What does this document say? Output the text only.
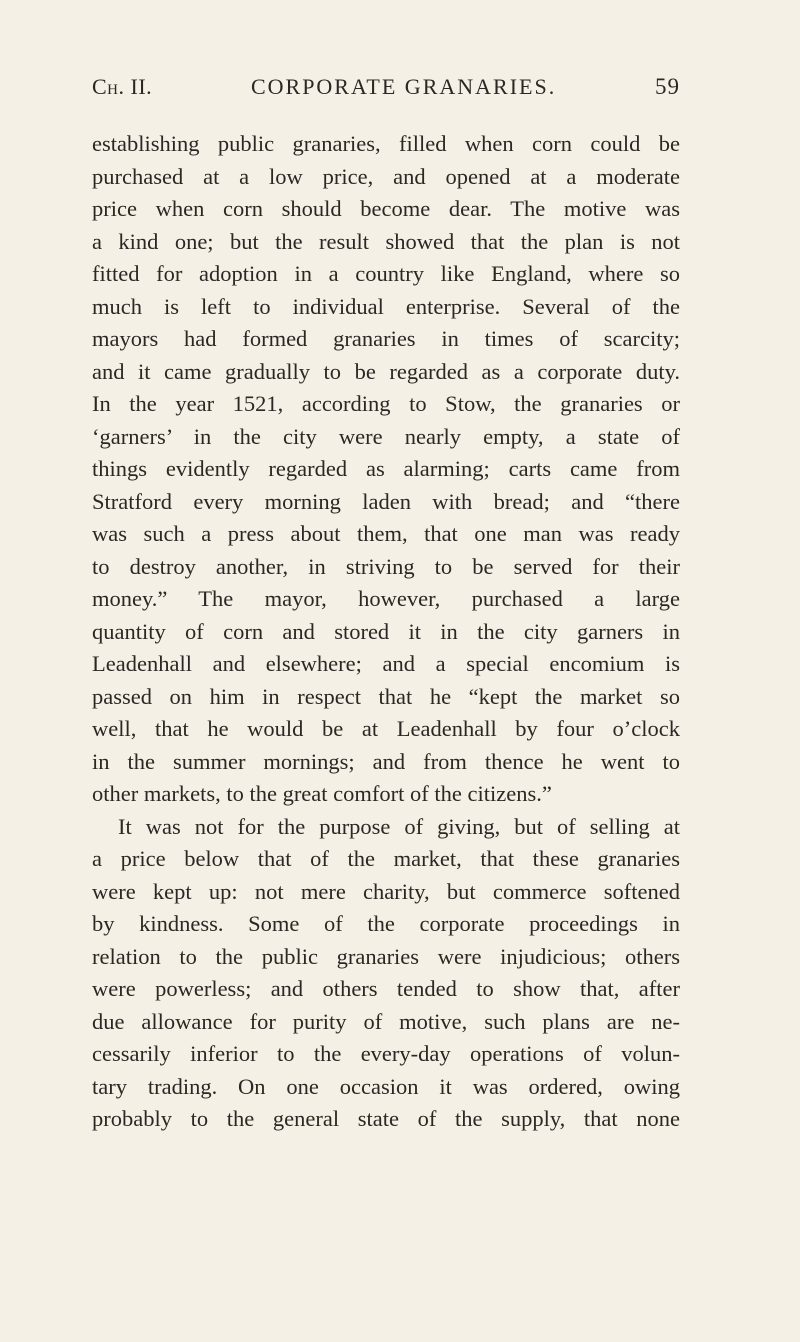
Ch. II.	CORPORATE GRANARIES.	59
establishing public granaries, filled when corn could be
purchased at a low price, and opened at a moderate
price when corn should become dear. The motive was
a kind one; but the result showed that the plan is not
fitted for adoption in a country like England, where so
much is left to individual enterprise. Several of the
mayors had formed granaries in times of scarcity;
and it came gradually to be regarded as a corporate duty.
In the year 1521, according to Stow, the granaries or
‘garners’ in the city were nearly empty, a state of
things evidently regarded as alarming; carts came from
Stratford every morning laden with bread; and “there
was such a press about them, that one man was ready
to destroy another, in striving to be served for their
money.” The mayor, however, purchased a large
quantity of corn and stored it in the city garners in
Leadenhall and elsewhere; and a special encomium is
passed on him in respect that he “kept the market so
well, that he would be at Leadenhall by four o’clock
in the summer mornings; and from thence he went to
other markets, to the great comfort of the citizens.”
It was not for the purpose of giving, but of selling at
a price below that of the market, that these granaries
were kept up: not mere charity, but commerce softened
by kindness. Some of the corporate proceedings in
relation to the public granaries were injudicious; others
were powerless; and others tended to show that, after
due allowance for purity of motive, such plans are ne-
cessarily inferior to the every-day operations of volun-
tary trading. On one occasion it was ordered, owing
probably to the general state of the supply, that none
